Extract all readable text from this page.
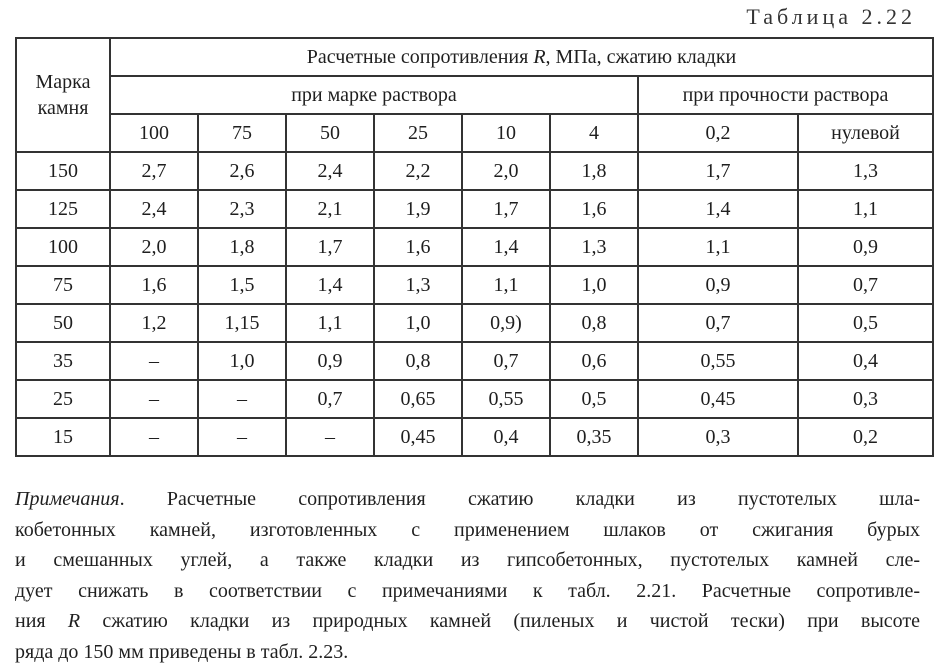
Таблица 2.22
Марка
камня	Расчетные сопротивления R, МПа, сжатию кладки							
	при марке раствора						при прочности раствора	
	100	75	50	25	10	4	0,2	нулевой
150	2,7	2,6	2,4	2,2	2,0	1,8	1,7	1,3
125	2,4	2,3	2,1	1,9	1,7	1,6	1,4	1,1
100	2,0	1,8	1,7	1,6	1,4	1,3	1,1	0,9
75	1,6	1,5	1,4	1,3	1,1	1,0	0,9	0,7
50	1,2	1,15	1,1	1,0	0,9)	0,8	0,7	0,5
35	–	1,0	0,9	0,8	0,7	0,6	0,55	0,4
25	–	–	0,7	0,65	0,55	0,5	0,45	0,3
15	–	–	–	0,45	0,4	0,35	0,3	0,2
Примечания. Расчетные сопротивления сжатию кладки из пустотелых шла-
кобетонных камней, изготовленных с применением шлаков от сжигания бурых
и смешанных углей, а также кладки из гипсобетонных, пустотелых камней сле-
дует снижать в соответствии с примечаниями к табл. 2.21. Расчетные сопротивле-
ния R сжатию кладки из природных камней (пиленых и чистой тески) при высоте
ряда до 150 мм приведены в табл. 2.23.
